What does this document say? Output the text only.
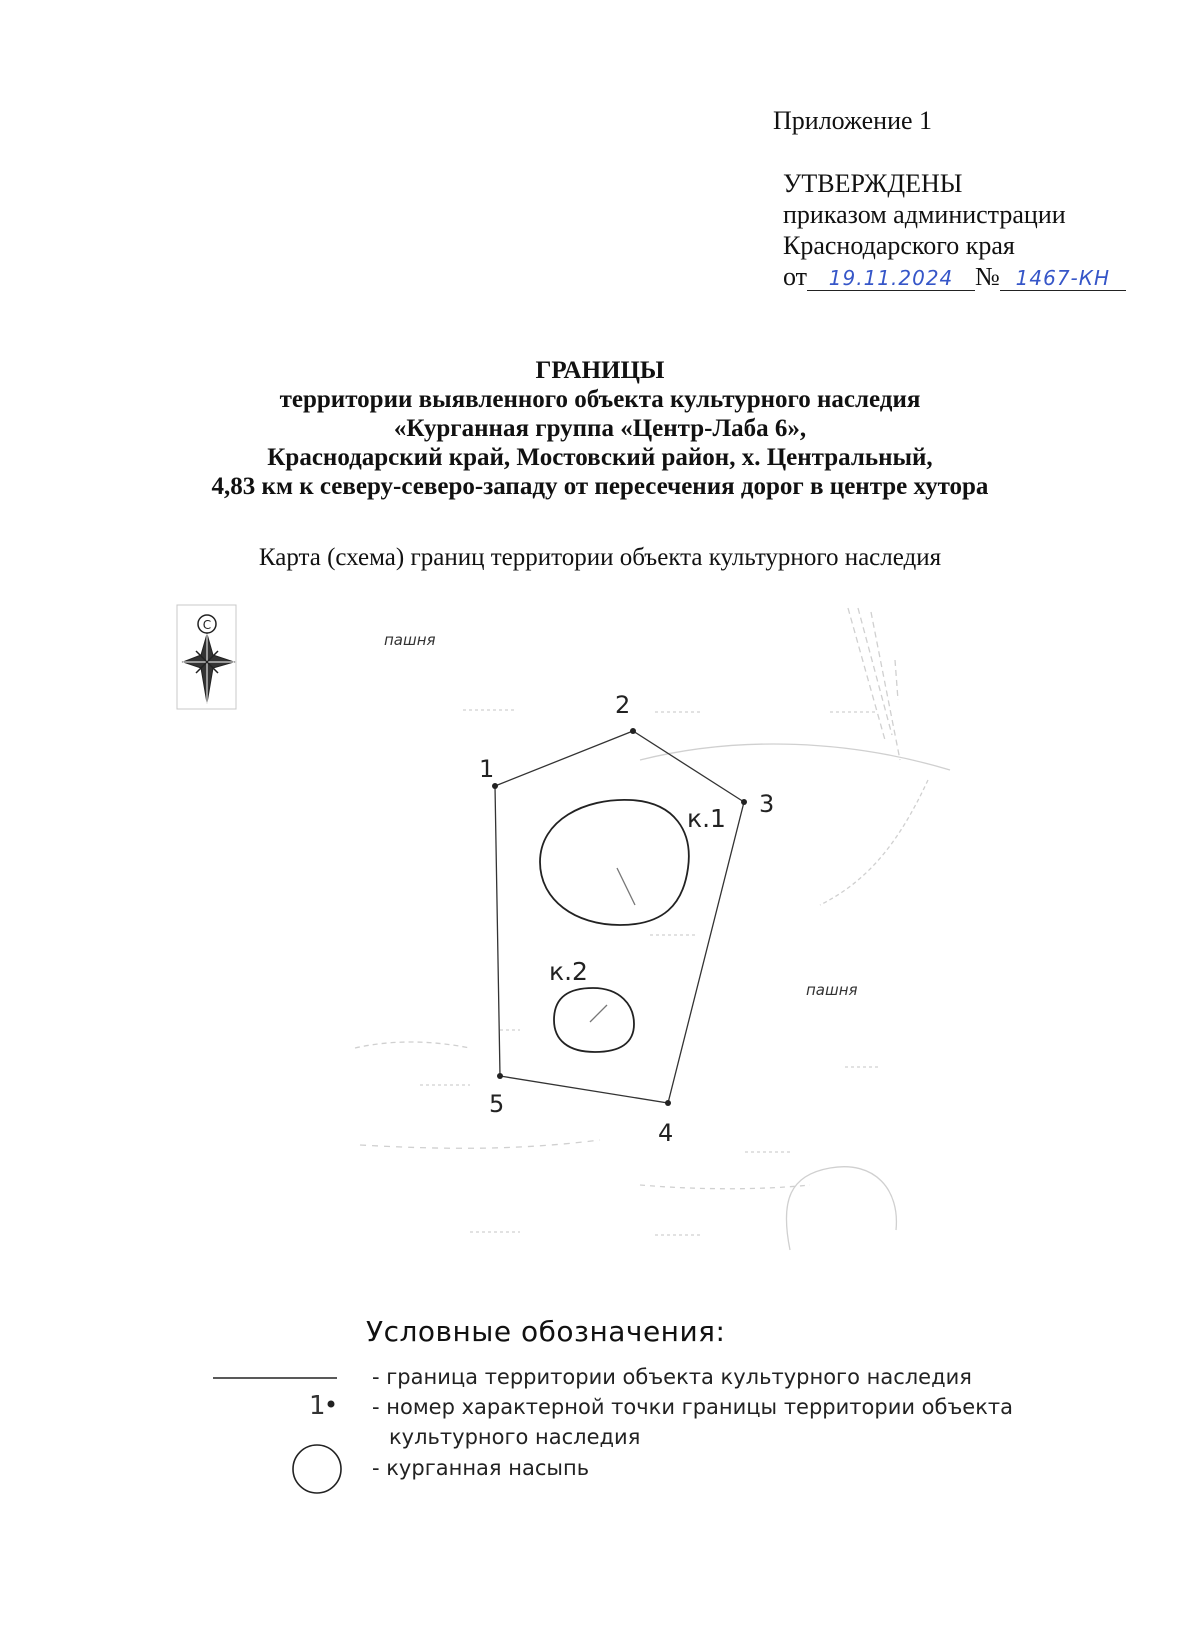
Приложение 1
УТВЕРЖДЕНЫ
приказом администрации
Краснодарского края
от 19.11.2024 № 1467-КН
ГРАНИЦЫ
территории выявленного объекта культурного наследия
«Курганная группа «Центр-Лаба 6»,
Краснодарский край, Мостовский район, х. Центральный,
4,83 км к северу-северо-западу от пересечения дорог в центре хутора
Карта (схема) границ территории объекта культурного наследия
С
пашня
пашня
1
2
3
4
5
к.1
к.2
Условные обозначения:
1
- граница территории объекта культурного наследия
- номер характерной точки границы территории объекта
культурного наследия
- курганная насыпь
